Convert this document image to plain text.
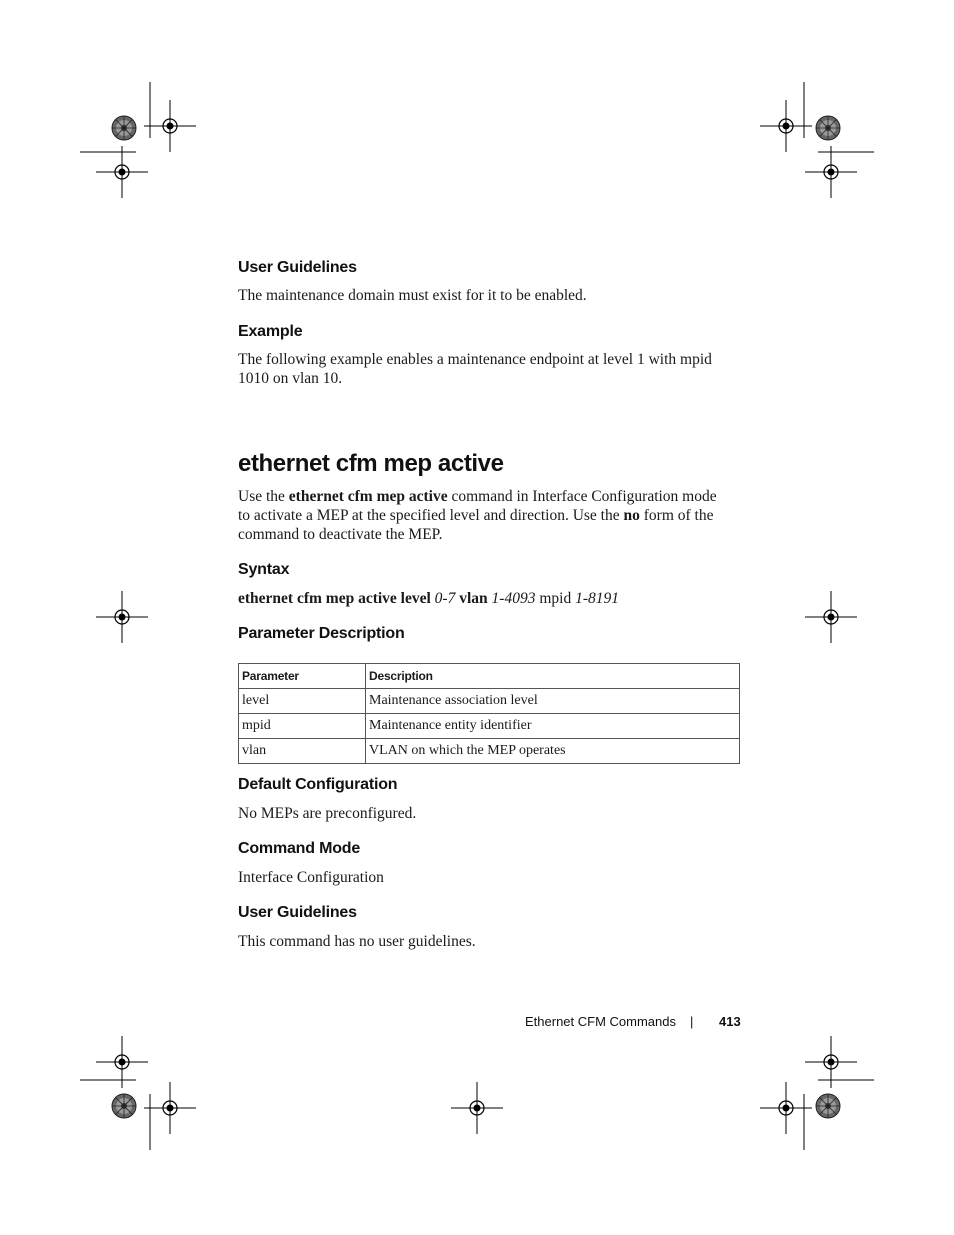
User Guidelines

The maintenance domain must exist for it to be enabled.

Example

The following example enables a maintenance endpoint at level 1 with mpid

1010 on vlan 10.

ethernet cfm mep active

Use the ethernet cfm mep active command in Interface Configuration mode

to activate a MEP at the specified level and direction. Use the no form of the

command to deactivate the MEP.

Syntax

ethernet cfm mep active level 0-7 vlan 1-4093 mpid 1-8191

Parameter Description
Parameter	Description
level	Maintenance association level
mpid	Maintenance entity identifier
vlan	VLAN on which the MEP operates
Default Configuration

No MEPs are preconfigured.

Command Mode

Interface Configuration

User Guidelines

This command has no user guidelines.

Ethernet CFM Commands | 413
